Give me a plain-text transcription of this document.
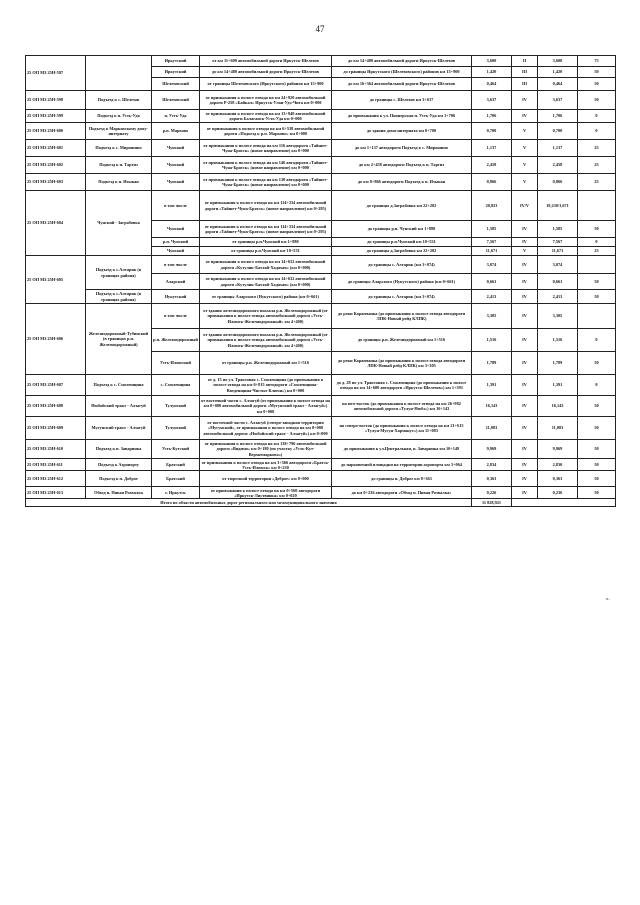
47
25 ОП МЗ 25Н-597		Иркутский	от км 11+600 автомобильной дороги Иркутск-Шелехов	до км 14+480 автомобильной дороги Иркутск-Шелехов	3,600	II	3,600	75
		Иркутский	до км 14+480 автомобильной дороги Иркутск-Шелехов	до границы Иркутского (Шелеховского) районов км 15+900	1,420	III	1,420	50
		Шелеховский	от границы Шелеховского (Иркутского) районов км 15+900	до км 16+364 автомобильной дороги Иркутск-Шелехов	0,464	III	0,464	50
25 ОП МЗ 25Н-598	Подъезд к с. Шелехов	Шелеховский	от примыкания к полосе отвода на км 24+920 автомобильной дороги Р-258 «Байкал» Иркутск-Улан-Удэ-Чита км 0+000	до границы с. Шелехов км 3+637	3,637	IV	3,637	50
25 ОП МЗ 25Н-599	Подъезд к п. Усть-Уда	п. Усть-Уда	от примыкания к полосе отвода на км 13+940 автомобильной дороги Балаганск-Усть-Уда км 0+000	до примыкания к ул. Пионерская п. Усть-Уда км 1+706	1,706	IV	1,706	0
25 ОП МЗ 25Н-600	Подъезд к Марковскому дому-интернату	р.п. Марково	от примыкания к полосе отвода на км 6+538 автомобильной дороги «Подъезд к р.п. Марково» км 0+000	до здания дома-интерната км 0+700	0,700	V	0,700	0
25 ОП МЗ 25Н-601	Подъезд к с. Мирошино	Чунский	от примыкания к полосе отвода на км 116 автодороги «Тайшет-Чуна-Братск» (новое направление) км 0+000	до км 1+137 автодороги Подъезд к с. Мирошино	1,137	V	1,137	25
25 ОП МЗ 25Н-602	Подъезд к п. Таргиз	Чунский	от примыкания к полосе отвода на км 146 автодороги «Тайшет-Чуна-Братск» (новое направление) км 0+000	до км 2+458 автодороги Подъезд к п. Таргиз	2,458	V	2,458	25
25 ОП МЗ 25Н-603	Подъезд к п. Изыкан	Чунский	от примыкания к полосе отвода на км 130 автодороги «Тайшет-Чуна-Братск» (новое направление) км 0+000	до км 0+866 автодороги Подъезд к п. Изыкан	0,866	V	0,866	25
25 ОП МЗ 25Н-604	Чунский - Заграбовка	в том числе	от примыкания к полосе отвода на км 114+334 автомобильной дороги «Тайшет-Чуна-Братск» (новое направление) км 0+295)	до границы д.Заграбовка км 22+202	20,823	IV/V	19,230/1,671	
		Чунский	от примыкания к полосе отвода на км 114+334 автомобильной дороги «Тайшет-Чуна-Братск» (новое направление) км 0+295)	до границы р.п. Чунский км 1+880	1,585	IV	1,585	50
		р.п. Чунский	от границы р.п.Чунский км 1+880	до границы р.п.Чунский км 10+531	7,567	IV	7,567	0
		Чунский	от границы р.п.Чунский км 10+531	до границы д.Заграбовка км 22+202	11,671	V	11,671	25
25 ОП МЗ 25Н-605	Подъезд к с.Алтарик (в границах района)	в том числе	от примыкания к полосе отвода на км 14+632 автомобильной дороги «Кутулик-Бахтай-Хадахан» (км 0+000)	до границы с. Алтарик (км 3+074)	3,074	IV	3,074	
		Аларский	от примыкания к полосе отвода на км 14+632 автомобильной дороги «Кутулик-Бахтай-Хадахан» (км 0+000)	до границы Аларского (Нукутского) района (км 0+661)	0,661	IV	0,661	50
	Подъезд к с.Алтарик (в границах района)	Нукутский	от границы Аларского (Нукутского) района (км 0+661)	до границы с. Алтарик (км 3+074)	2,413	IV	2,413	50
25 ОП МЗ 25Н-606	Железнодорожный-Тубинский (в границах р.п. Железнодорожный)	в том числе	от здания железнодорожного вокзала р.п. Железнодорожный (от примыкания к полосе отвода автомобильной дороги «Усть-Илимск-Железнодорожный» км 4+400)	до реки Карапчанка (до примыкания к полосе отвода автодороги ЛПК-Новый рейд КЛПК)	3,305	IV	3,305	
		р.п. Железнодорожный	от здания железнодорожного вокзала р.п. Железнодорожный (от примыкания к полосе отвода автомобильной дороги «Усть-Илимск-Железнодорожный» км 4+400)	до границы р.п. Железнодорожный км 1+516	1,516	IV	1,516	0
		Усть-Илимский	от границы р.п. Железнодорожный км 1+516	до реки Карапчанка (до примыкания к полосе отвода автодороги ЛПК-Новый рейд КЛПК) км 3+305	1,789	IV	1,789	50
25 ОП МЗ 25Н-607	Подъезд к с. Смоленщина	с. Смоленщина	от д. 15 по ул. Трактовая с. Смоленщина (до примыкания к полосе отвода на км 6+815 автодороги «Смоленщина-Введенщина-Чистые Ключи») км 0+000	до д. 28 по ул. Трактовая с. Смоленщина (до примыкания к полосе отвода на км 14+600 автодороги «Иркутск-Шелехов») км 1+391	1,391	IV	1,391	0
25 ОП МЗ 25Н-608	Нюбойский тракт - Алзагуй	Тулунский	от восточной части с. Алзагуй (от примыкания к полосе отвода на км 0+000 автомобильной дороги «Мугунский тракт - Алзагуй») км 0+000	на юго-восток (до примыкания к полосе отвода на км 26+982 автомобильной дороги «Тулун-Нюбэ») км 16+143	16,143	IV	16,143	50
25 ОП МЗ 25Н-609	Мугунский тракт - Алзагуй	Тулунский	от восточной части с. Алзагуй (северо-западная территория «Мугунский», от примыкания к полосе отвода на км 0+000 автомобильной дороги «Нюбойский тракт - Алзагуй») км 0+000	на северо-восток (до примыкания к полосе отвода на км 21+615 «Тулун-Мугун-Харманут») км 11+083	11,083	IV	11,083	50
25 ОП МЗ 25Н-610	Подъезд к п. Заваринка	Усть-Кутский	от примыкания к полосе отвода на км 138+796 автомобильной дороги «Видимо» км 0+180 (по участку «Усть-Кут-Верхнемарково»)	до примыкания к ул.Центральная, п. Заваринка км 10+149	9,969	IV	9,969	50
25 ОП МЗ 25Н-611	Подъезд к Аэропорту	Братский	от примыкания к полосе отвода на км 3+566 автодороги «Братск-Усть-Илимск» км 0+230	до парковочной площадки на территории аэропорта км 3+064	2,834	IV	2,830	50
25 ОП МЗ 25Н-612	Подъезд к п. Доброе	Братский	от тюремной территории «Доброе» км 0+000	до границы п. Доброе км 0+363	0,363	IV	0,363	50
25 ОП МЗ 25Н-613	Обход п. Пивая Розвалка	г. Иркутск	от примыкания к полосе отвода на км 0+560 автодороги «Иркутск-Листвянка» км 0+020	до км 0+236 автодороги «Обход п. Пивая Розвалка»	0,226	IV	0,236	50
Итого по области автомобильных дорог регионального или межмуниципального значения					11 828,921			
».
